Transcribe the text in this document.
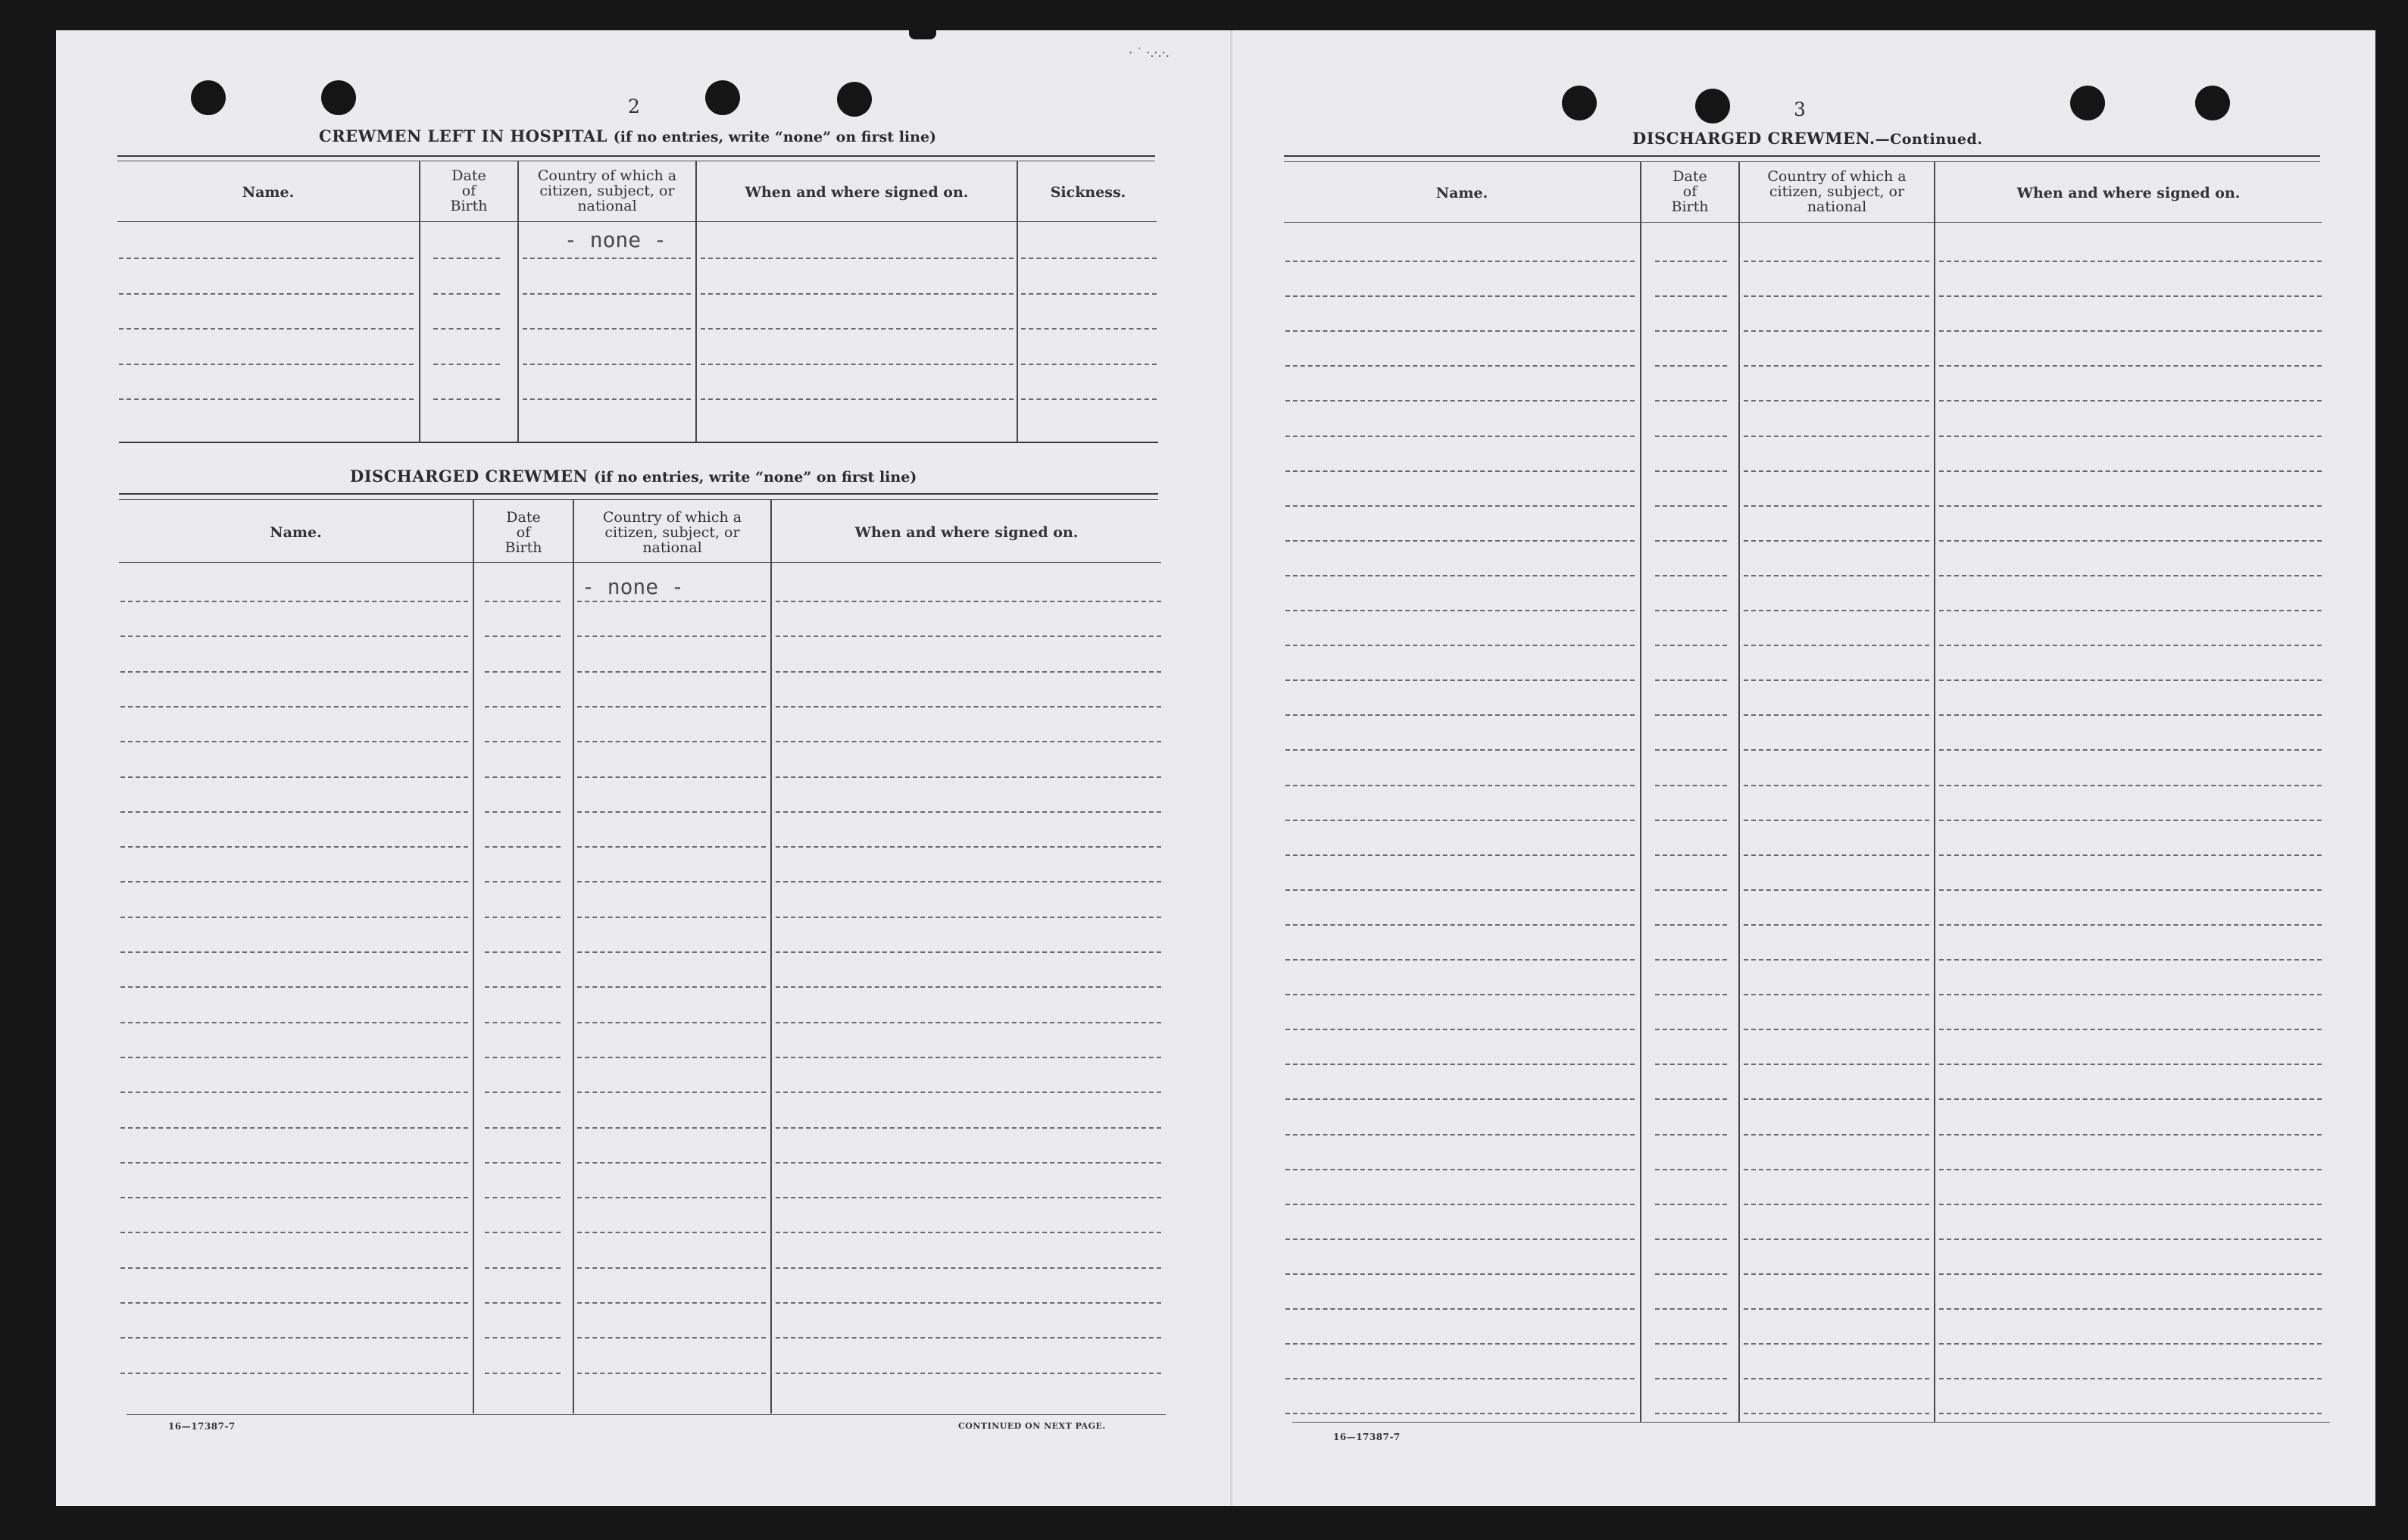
2
CREWMEN LEFT IN HOSPITAL (if no entries, write “none” on first line)
Name.
Date
of
Birth
Country of which a
citizen, subject, or
national
When and where signed on.	Sickness.
- none -
DISCHARGED CREWMEN (if no entries, write “none” on first line)
Name.
Date
of
Birth
Country of which a
citizen, subject, or
national
When and where signed on.
- none -
16—17387-7	CONTINUED ON NEXT PAGE.
· ˙ ·.·.·.
3
DISCHARGED CREWMEN.—Continued.
Name.
Date
of
Birth
Country of which a
citizen, subject, or
national
When and where signed on.
16—17387-7
